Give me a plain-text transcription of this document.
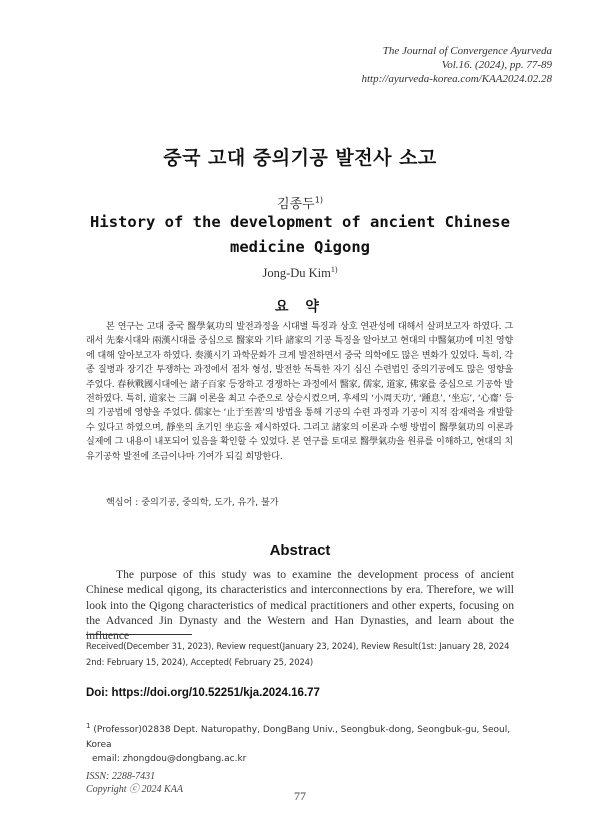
The Journal of Convergence Ayurveda
Vol.16. (2024), pp. 77-89
http://ayurveda-korea.com/KAA2024.02.28
중국 고대 중의기공 발전사 소고
김종두$^{1)}$
History of the development of ancient Chinese
medicine Qigong
Jong-Du Kim$^{1)}$
요 약

본 연구는 고대 중국 醫學氣功의 발전과정을 시대별 특징과 상호 연관성에 대해서 살펴보고자 하였다. 그래서 先秦시대와 兩漢시대를 중심으로 醫家와 기타 諸家의 기공 특징을 알아보고 현대의 中醫氣功에 미친 영향에 대해 알아보고자 하였다. 奏漢시기 과학문화가 크게 발전하면서 중국 의학에도 많은 변화가 있었다. 특히, 각종 질병과 장기간 투쟁하는 과정에서 점차 형성, 발전한 독특한 자기 심신 수련법인 중의기공에도 많은 영향을 주었다. 春秋戰國시대에는 諸子百家 등장하고 경쟁하는 과정에서 醫家, 儒家, 道家, 佛家를 중심으로 기공학 발전하였다. 특히, 道家는 三調 이론을 최고 수준으로 상승시켰으며, 후세의 ‘小周天功’, ‘踵息’, ‘坐忘’, ‘心齋’ 등의 기공법에 영향을 주었다. 儒家는 ‘止于至善’의 방법을 통해 기공의 수련 과정과 기공이 지적 잠재력을 개발할 수 있다고 하였으며, 靜坐의 초기인 坐忘을 제시하였다. 그리고 諸家의 이론과 수행 방법이 醫學氣功의 이론과 실제에 그 내용이 내포되어 있음을 확인할 수 있었다. 본 연구를 토대로 醫學氣功을 원류를 이해하고, 현대의 치유기공학 발전에 조금이나마 기여가 되길 희망한다.

핵심어 : 중의기공, 중의학, 도가, 유가, 불가
Abstract

The purpose of this study was to examine the development process of ancient Chinese medical qigong, its characteristics and interconnections by era. Therefore, we will look into the Qigong characteristics of medical practitioners and other experts, focusing on the Advanced Jin Dynasty and the Western and Han Dynasties, and learn about the influence

Received(December 31, 2023), Review request(January 23, 2024), Review Result(1st: January 28, 2024 2nd: February 15, 2024), Accepted( February 25, 2024)

Doi: https://doi.org/10.52251/kja.2024.16.77
$^1$ (Professor)02838 Dept. Naturopathy, DongBang Univ., Seongbuk-dong, Seongbuk-gu, Seoul, Korea
email: zhongdou@dongbang.ac.kr
ISSN: 2288-7431
Copyright ⓒ 2024 KAA	77
